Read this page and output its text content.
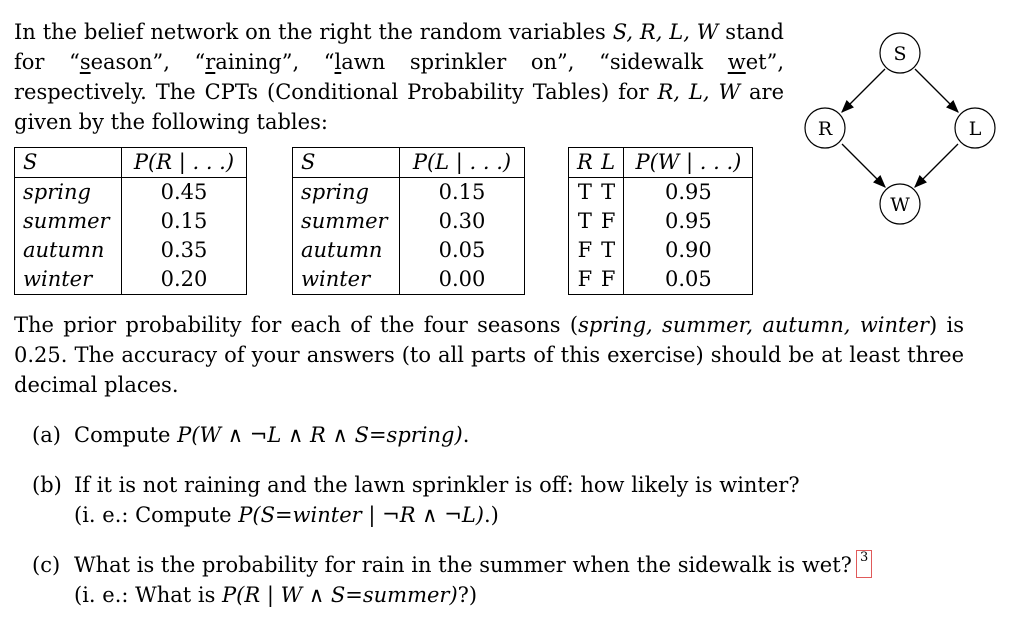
In the belief network on the right the random variables S, R, L, W stand for “season”, “raining”, “lawn sprinkler on”, “sidewalk wet”, respectively. The CPTs (Conditional Probability Tables) for R, L, W are given by the following tables:

S	P(R | . . .)
spring	0.45
summer	0.15
autumn	0.35
winter	0.20
S	P(L | . . .)
spring	0.15
summer	0.30
autumn	0.05
winter	0.00
R	L	P(W | . . .)
T	T	0.95
T	F	0.95
F	T	0.90
F	F	0.05
S
R	L
W

The prior probability for each of the four seasons (spring, summer, autumn, winter) is 0.25. The accuracy of your answers (to all parts of this exercise) should be at least three decimal places.

(a) Compute P(W ∧ ¬L ∧ R ∧ S=spring).

(b) If it is not raining and the lawn sprinkler is off: how likely is winter?
(i. e.: Compute P(S=winter | ¬R ∧ ¬L).)

(c) What is the probability for rain in the summer when the sidewalk is wet? 3
(i. e.: What is P(R | W ∧ S=summer)?)
